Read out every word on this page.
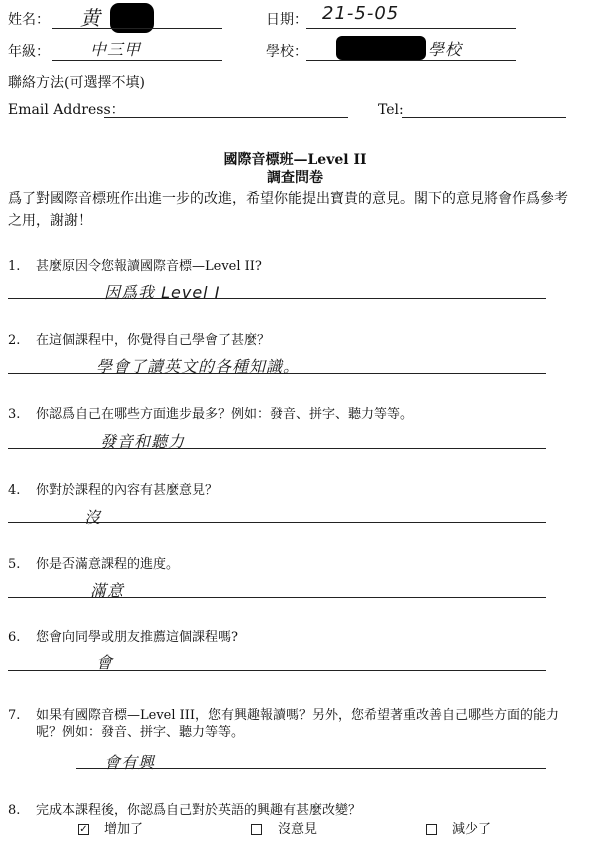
姓名： 黄	日期： 21-5-05
年級：	中三甲	學校：	學校
聯絡方法(可選擇不填)
Email Address：	Tel:
國際音標班—Level II
調查問卷
爲了對國際音標班作出進一步的改進，希望你能提出寶貴的意見。閣下的意見將會作爲參考之用，謝謝！
1. 甚麼原因令您報讀國際音標—Level II?
因爲我 Level I
2. 在這個課程中，你覺得自己學會了甚麼？
學會了讀英文的各種知識。
3. 你認爲自己在哪些方面進步最多？例如：發音、拼字、聽力等等。
發音和聽力
4. 你對於課程的內容有甚麼意見？
沒
5. 你是否滿意課程的進度。
滿意
6. 您會向同學或朋友推薦這個課程嗎?
會
7. 如果有國際音標—Level III，您有興趣報讀嗎？另外，您希望著重改善自己哪些方面的能力呢？例如：發音、拼字、聽力等等。
會有興
8. 完成本課程後，你認爲自己對於英語的興趣有甚麼改變？
✓ 增加了	沒意見	減少了
